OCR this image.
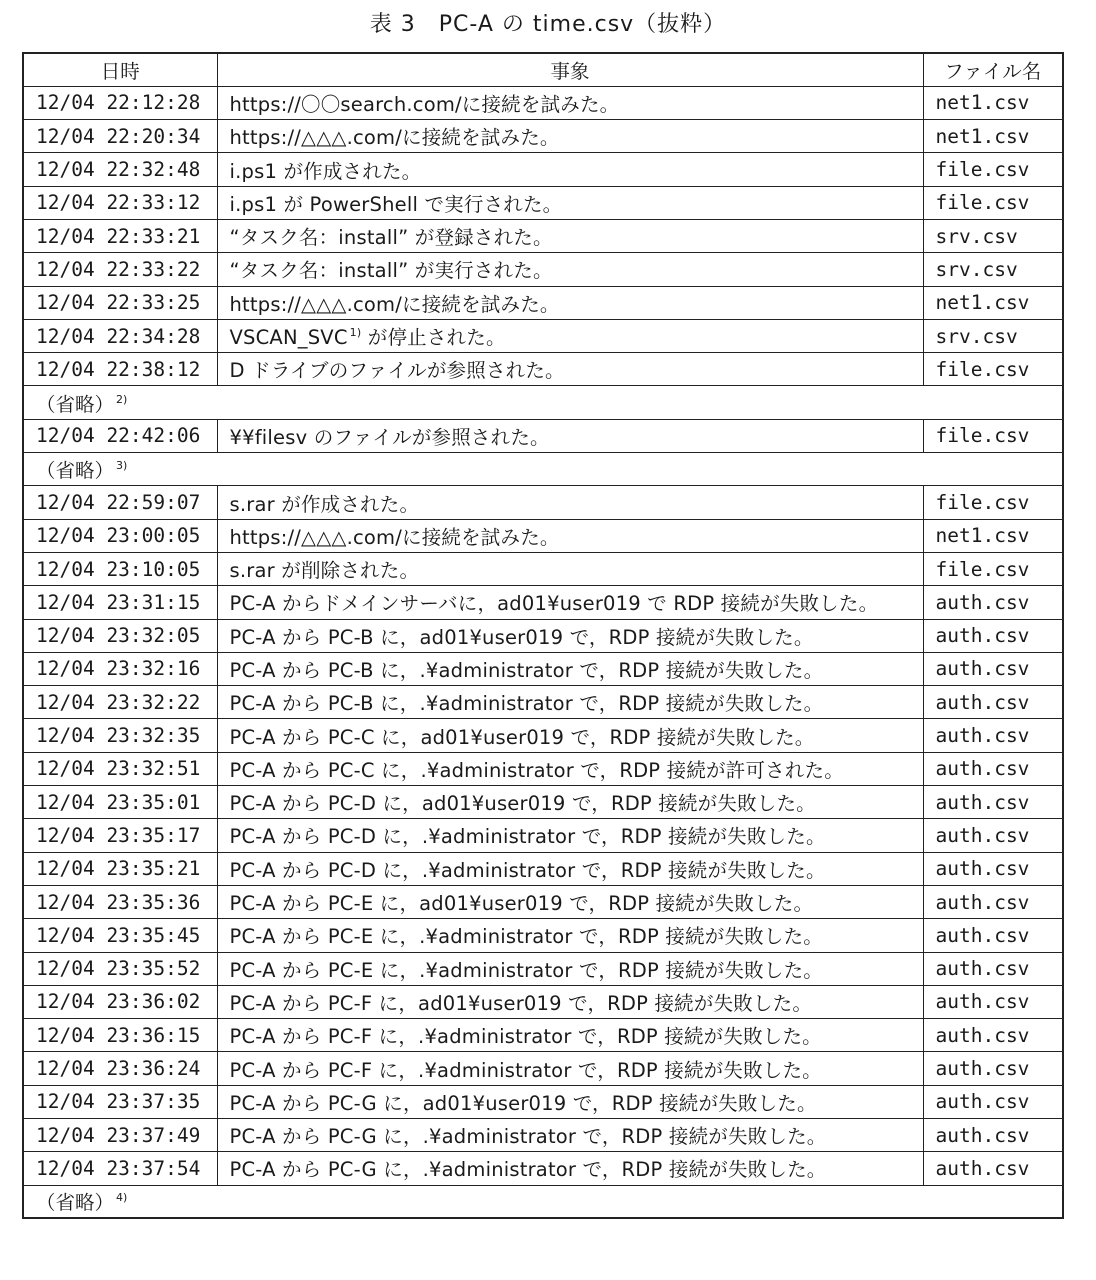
表 3　PC-A の time.csv（抜粋）
日時	事象	ファイル名
12/04 22:12:28	https://〇〇search.com/に接続を試みた。	net1.csv
12/04 22:20:34	https://△△△.com/に接続を試みた。	net1.csv
12/04 22:32:48	i.ps1 が作成された。	file.csv
12/04 22:33:12	i.ps1 が PowerShell で実行された。	file.csv
12/04 22:33:21	“タスク名：install” が登録された。	srv.csv
12/04 22:33:22	“タスク名：install” が実行された。	srv.csv
12/04 22:33:25	https://△△△.com/に接続を試みた。	net1.csv
12/04 22:34:28	VSCAN_SVC $^{1)}$ が停止された。	srv.csv
12/04 22:38:12	D ドライブのファイルが参照された。	file.csv
（省略） $^{2)}$
12/04 22:42:06	¥¥filesv のファイルが参照された。	file.csv
（省略） $^{3)}$
12/04 22:59:07	s.rar が作成された。	file.csv
12/04 23:00:05	https://△△△.com/に接続を試みた。	net1.csv
12/04 23:10:05	s.rar が削除された。	file.csv
12/04 23:31:15	PC-A からドメインサーバに，ad01¥user019 で RDP 接続が失敗した。	auth.csv
12/04 23:32:05	PC-A から PC-B に，ad01¥user019 で，RDP 接続が失敗した。	auth.csv
12/04 23:32:16	PC-A から PC-B に，.¥administrator で，RDP 接続が失敗した。	auth.csv
12/04 23:32:22	PC-A から PC-B に，.¥administrator で，RDP 接続が失敗した。	auth.csv
12/04 23:32:35	PC-A から PC-C に，ad01¥user019 で，RDP 接続が失敗した。	auth.csv
12/04 23:32:51	PC-A から PC-C に，.¥administrator で，RDP 接続が許可された。	auth.csv
12/04 23:35:01	PC-A から PC-D に，ad01¥user019 で，RDP 接続が失敗した。	auth.csv
12/04 23:35:17	PC-A から PC-D に，.¥administrator で，RDP 接続が失敗した。	auth.csv
12/04 23:35:21	PC-A から PC-D に，.¥administrator で，RDP 接続が失敗した。	auth.csv
12/04 23:35:36	PC-A から PC-E に，ad01¥user019 で，RDP 接続が失敗した。	auth.csv
12/04 23:35:45	PC-A から PC-E に，.¥administrator で，RDP 接続が失敗した。	auth.csv
12/04 23:35:52	PC-A から PC-E に，.¥administrator で，RDP 接続が失敗した。	auth.csv
12/04 23:36:02	PC-A から PC-F に，ad01¥user019 で，RDP 接続が失敗した。	auth.csv
12/04 23:36:15	PC-A から PC-F に，.¥administrator で，RDP 接続が失敗した。	auth.csv
12/04 23:36:24	PC-A から PC-F に，.¥administrator で，RDP 接続が失敗した。	auth.csv
12/04 23:37:35	PC-A から PC-G に，ad01¥user019 で，RDP 接続が失敗した。	auth.csv
12/04 23:37:49	PC-A から PC-G に，.¥administrator で，RDP 接続が失敗した。	auth.csv
12/04 23:37:54	PC-A から PC-G に，.¥administrator で，RDP 接続が失敗した。	auth.csv
（省略） $^{4)}$
